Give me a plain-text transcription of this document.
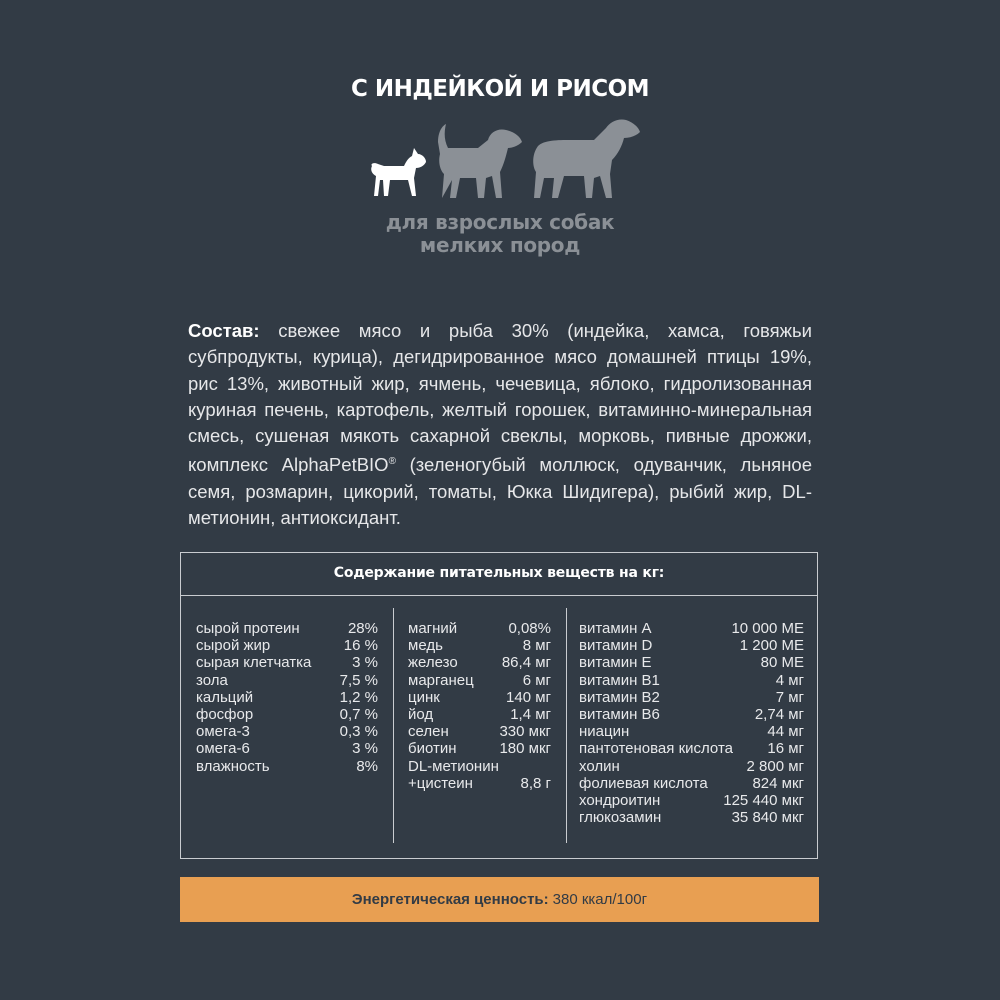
С ИНДЕЙКОЙ И РИСОМ
для взрослых собак
мелких пород
Состав: свежее мясо и рыба 30% (индейка, хамса, говяжьи субпродукты, курица), дегидрированное мясо домашней птицы 19%, рис 13%, животный жир, ячмень, чечевица, яблоко, гидролизованная куриная печень, картофель, желтый горошек, витаминно-минеральная смесь, сушеная мякоть сахарной свеклы, морковь, пивные дрожжи, комплекс AlphaPetBIO® (зеленогубый моллюск, одуванчик, льняное семя, розмарин, цикорий, томаты, Юкка Шидигера), рыбий жир, DL-метионин, антиоксидант.
Содержание питательных веществ на кг:
сырой протеин	28%
сырой жир	16 %
сырая клетчатка	3 %
зола	7,5 %
кальций	1,2 %
фосфор	0,7 %
омега-3	0,3 %
омега-6	3 %
влажность	8%
магний	0,08%
медь	8 мг
железо	86,4 мг
марганец	6 мг
цинк	140 мг
йод	1,4 мг
селен	330 мкг
биотин	180 мкг
DL-метионин
+цистеин	8,8 г
витамин А	10 000 МЕ
витамин D	1 200 МЕ
витамин E	80 МЕ
витамин B1	4 мг
витамин B2	7 мг
витамин B6	2,74 мг
ниацин	44 мг
пантотеновая кислота 16 мг
холин	2 800 мг
фолиевая кислота	824 мкг
хондроитин	125 440 мкг
глюкозамин	35 840 мкг
Энергетическая ценность: 380 ккал/100г
